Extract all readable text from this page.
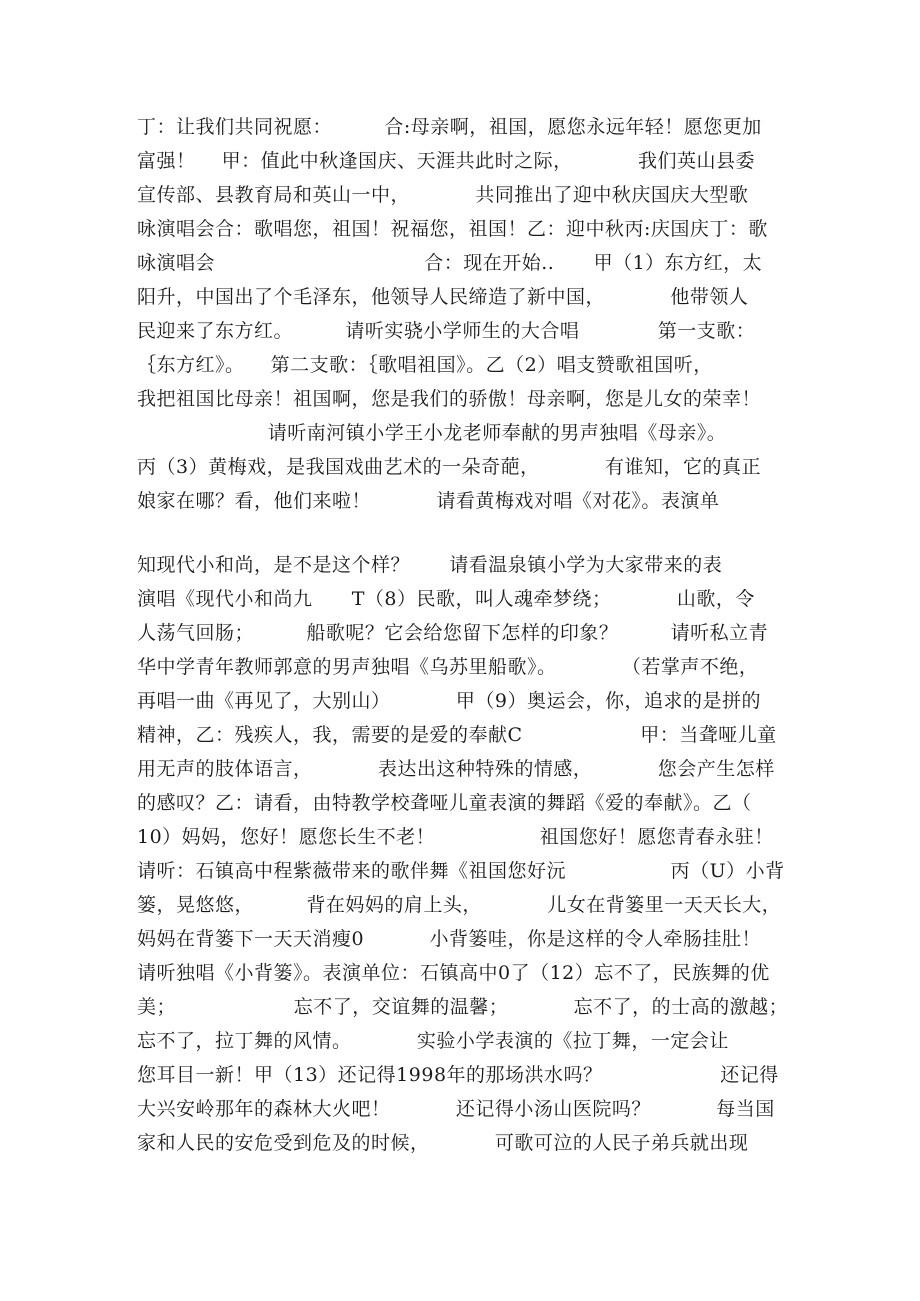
丁：让我们共同祝愿：        合:母亲啊，祖国，愿您永远年轻！愿您更加
富强！    甲：值此中秋逢国庆、天涯共此时之际，          我们英山县委
宣传部、县教育局和英山一中，          共同推出了迎中秋庆国庆大型歌
咏演唱会合：歌唱您，祖国！祝福您，祖国！乙：迎中秋丙:庆国庆丁：歌
咏演唱会                                合：现在开始..      甲（1）东方红，太
阳升，中国出了个毛泽东，他领导人民缔造了新中国，          他带领人
民迎来了东方红。        请听实骁小学师生的大合唱            第一支歌：
｛东方红》。    第二支歌：｛歌唱祖国》。乙（2）唱支赞歌祖国听，
我把祖国比母亲！祖国啊，您是我们的骄傲！母亲啊，您是儿女的荣幸！
请听南河镇小学王小龙老师奉献的男声独唱《母亲》。
丙（3）黄梅戏，是我国戏曲艺术的一朵奇葩，          有谁知，它的真正
娘家在哪？看，他们来啦！          请看黄梅戏对唱《对花》。表演单
知现代小和尚，是不是这个样？      请看温泉镇小学为大家带来的表
演唱《现代小和尚九      T（8）民歌，叫人魂牵梦绕；          山歌，令
人荡气回肠；        船歌呢？它会给您留下怎样的印象？        请听私立青
华中学青年教师郭意的男声独唱《乌苏里船歌》。          （若掌声不绝，
再唱一曲《再见了，大别山）          甲（9）奥运会，你，追求的是拼的
精神，乙：残疾人，我，需要的是爱的奉献C                  甲：当聋哑儿童
用无声的肢体语言，          表达出这种特殊的情感，          您会产生怎样
的感叹？乙：请看，由特教学校聋哑儿童表演的舞蹈《爱的奉献》。乙（
10）妈妈，您好！愿您长生不老！                祖国您好！愿您青春永驻！
请听：石镇高中程紫薇带来的歌伴舞《祖国您好沅                丙（U）小背
篓，晃悠悠，        背在妈妈的肩上头，          儿女在背篓里一天天长大，
妈妈在背篓下一天天消瘦0          小背篓哇，你是这样的令人牵肠挂肚！
请听独唱《小背篓》。表演单位：石镇高中0了（12）忘不了，民族舞的优
美；                  忘不了，交谊舞的温馨；          忘不了，的士高的激越；
忘不了，拉丁舞的风情。          实验小学表演的《拉丁舞，一定会让
您耳目一新！甲（13）还记得1998年的那场洪水吗？                  还记得
大兴安岭那年的森林大火吧！          还记得小汤山医院吗？          每当国
家和人民的安危受到危及的时候，          可歌可泣的人民子弟兵就出现
